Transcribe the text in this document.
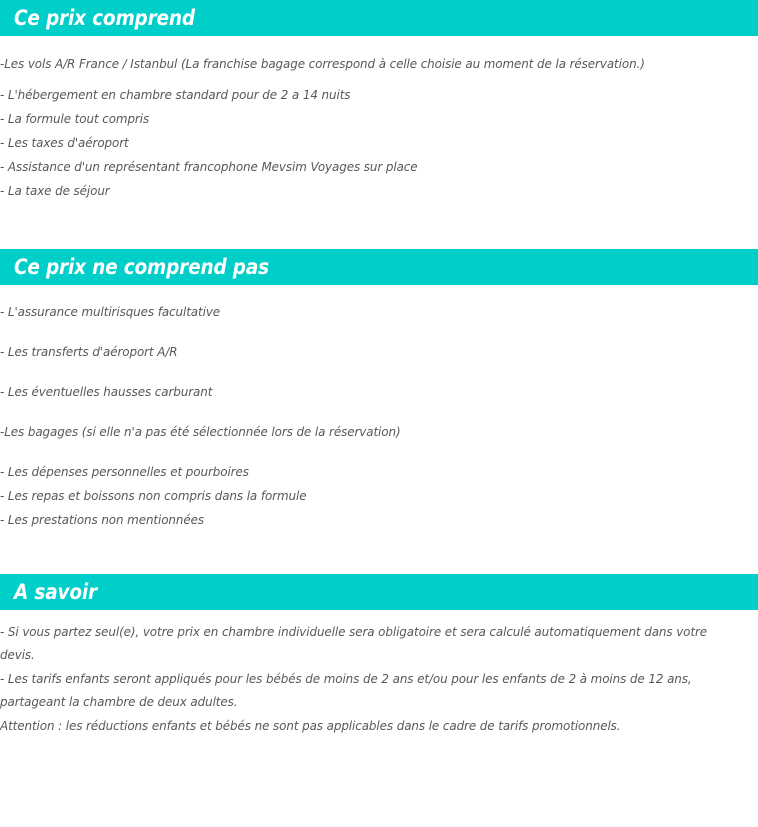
Ce prix comprend
-Les vols A/R France / Istanbul (La franchise bagage correspond à celle choisie au moment de la réservation.)
- L'hébergement en chambre standard pour de 2 a 14 nuits
- La formule tout compris
- Les taxes d'aéroport
- Assistance d'un représentant francophone Mevsim Voyages sur place
- La taxe de séjour
Ce prix ne comprend pas
- L'assurance multirisques facultative
- Les transferts d'aéroport A/R
- Les éventuelles hausses carburant
-Les bagages (si elle n'a pas été sélectionnée lors de la réservation)
- Les dépenses personnelles et pourboires
- Les repas et boissons non compris dans la formule
- Les prestations non mentionnées
A savoir
- Si vous partez seul(e), votre prix en chambre individuelle sera obligatoire et sera calculé automatiquement dans votre devis.
- Les tarifs enfants seront appliqués pour les bébés de moins de 2 ans et/ou pour les enfants de 2 à moins de 12 ans, partageant la chambre de deux adultes.
Attention : les réductions enfants et bébés ne sont pas applicables dans le cadre de tarifs promotionnels.
